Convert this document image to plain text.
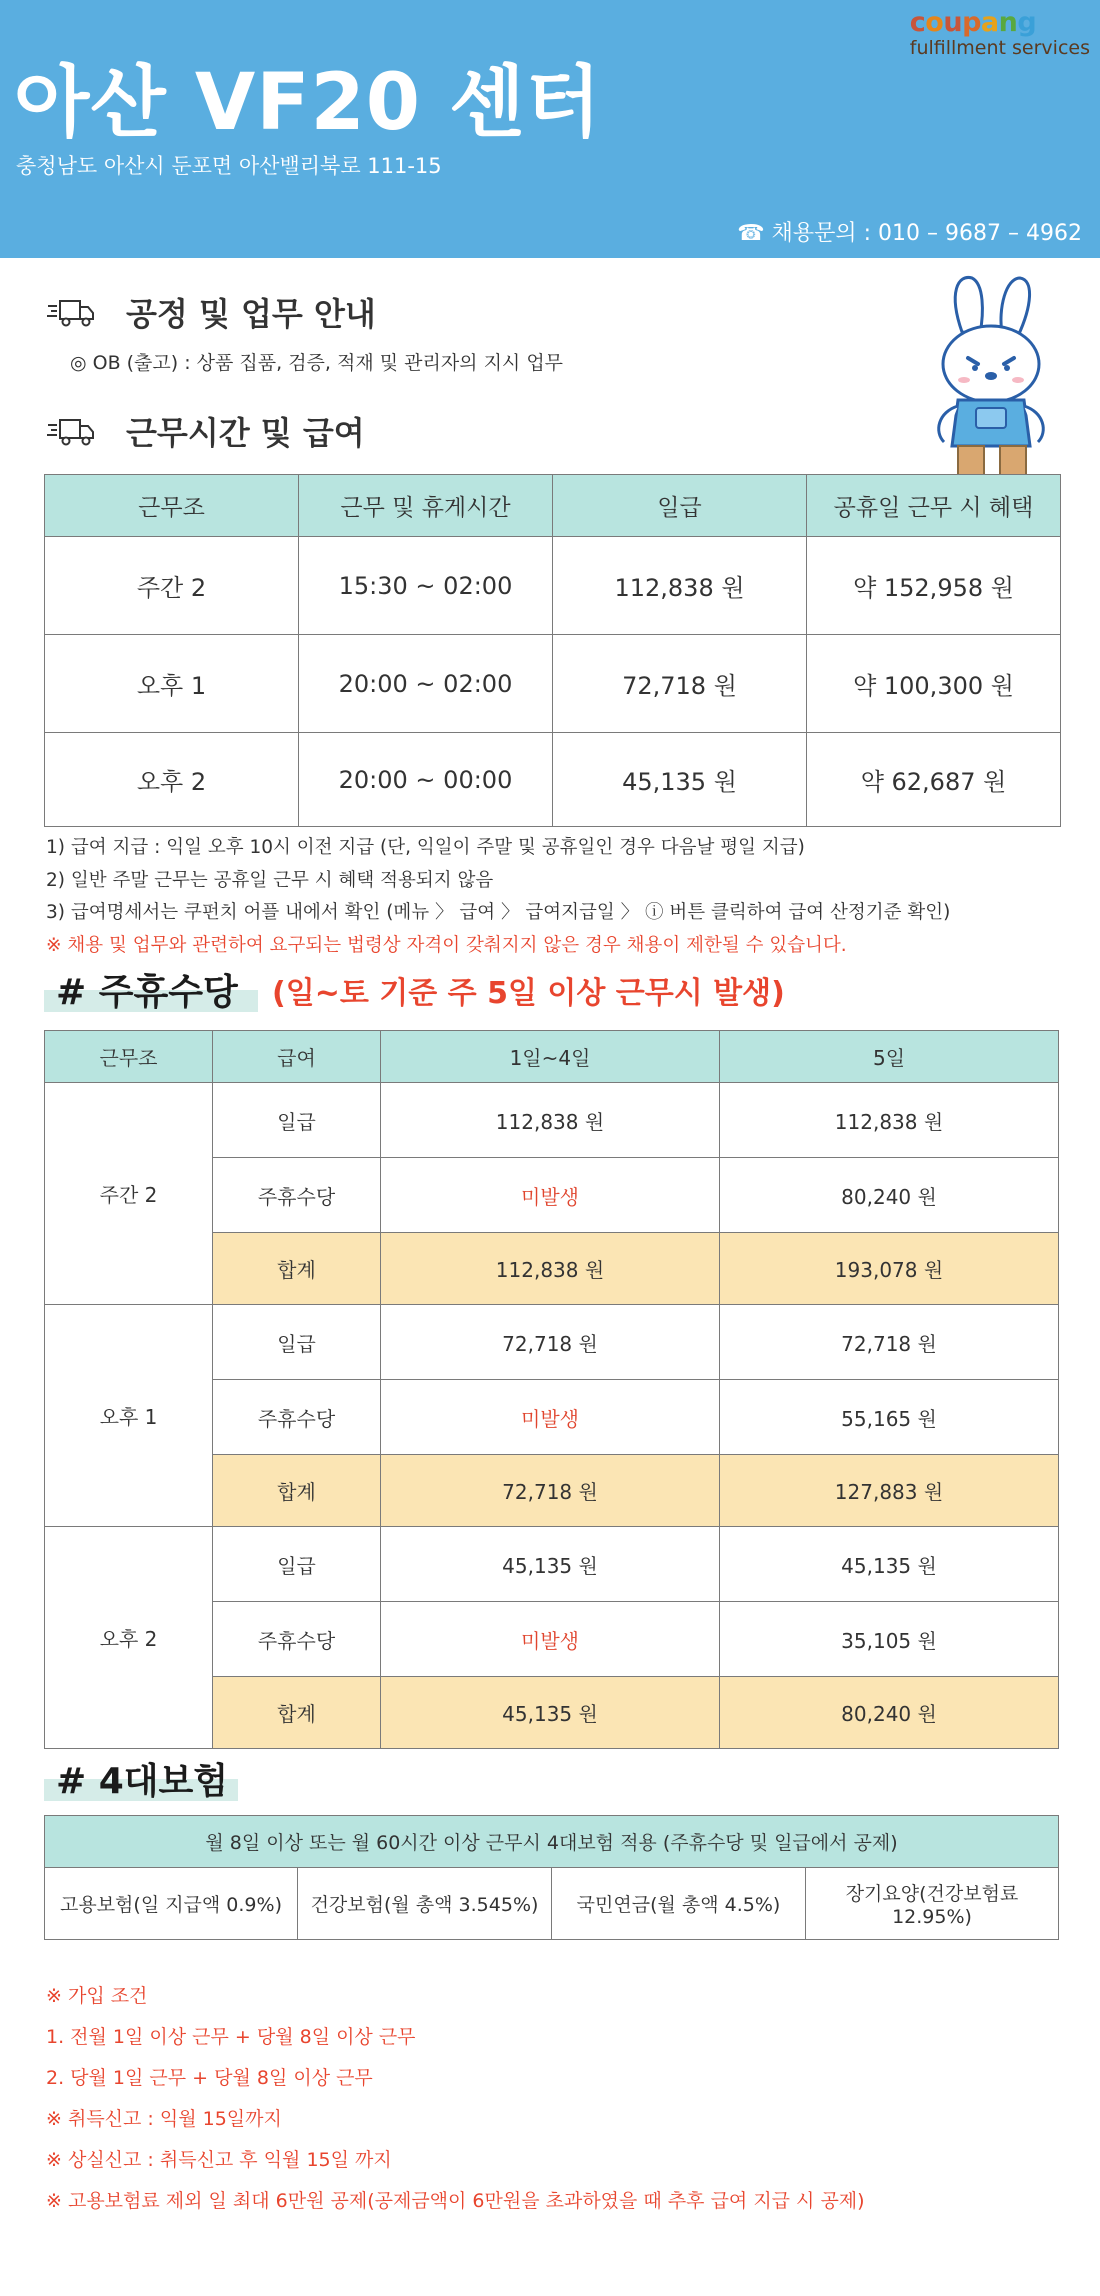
아산 VF20 센터
충청남도 아산시 둔포면 아산밸리북로 111-15
☎ 채용문의 : 010 – 9687 – 4962
coupang
fulfillment services
공정 및 업무 안내
◎ OB (출고) : 상품 집품, 검증, 적재 및 관리자의 지시 업무
근무시간 및 급여
근무조	근무 및 휴게시간	일급	공휴일 근무 시 혜택
주간 2	15:30 ~ 02:00	112,838 원	약 152,958 원
오후 1	20:00 ~ 02:00	72,718 원	약 100,300 원
오후 2	20:00 ~ 00:00	45,135 원	약 62,687 원
1) 급여 지급 : 익일 오후 10시 이전 지급 (단, 익일이 주말 및 공휴일인 경우 다음날 평일 지급)
2) 일반 주말 근무는 공휴일 근무 시 혜택 적용되지 않음
3) 급여명세서는 쿠펀치 어플 내에서 확인 (메뉴 〉 급여 〉 급여지급일 〉 ⓘ 버튼 클릭하여 급여 산정기준 확인)
※ 채용 및 업무와 관련하여 요구되는 법령상 자격이 갖춰지지 않은 경우 채용이 제한될 수 있습니다.
# 주휴수당	(일~토 기준 주 5일 이상 근무시 발생)
근무조	급여	1일~4일	5일
주간 2	일급	112,838 원	112,838 원
	주휴수당	미발생	80,240 원
	합계	112,838 원	193,078 원
오후 1	일급	72,718 원	72,718 원
	주휴수당	미발생	55,165 원
	합계	72,718 원	127,883 원
오후 2	일급	45,135 원	45,135 원
	주휴수당	미발생	35,105 원
	합계	45,135 원	80,240 원
# 4대보험
월 8일 이상 또는 월 60시간 이상 근무시 4대보험 적용 (주휴수당 및 일급에서 공제)
고용보험(일 지급액 0.9%)	건강보험(월 총액 3.545%)	국민연금(월 총액 4.5%)	장기요양(건강보험료 12.95%)
※ 가입 조건
1. 전월 1일 이상 근무 + 당월 8일 이상 근무
2. 당월 1일 근무 + 당월 8일 이상 근무
※ 취득신고 : 익월 15일까지
※ 상실신고 : 취득신고 후 익월 15일 까지
※ 고용보험료 제외 일 최대 6만원 공제(공제금액이 6만원을 초과하였을 때 추후 급여 지급 시 공제)
